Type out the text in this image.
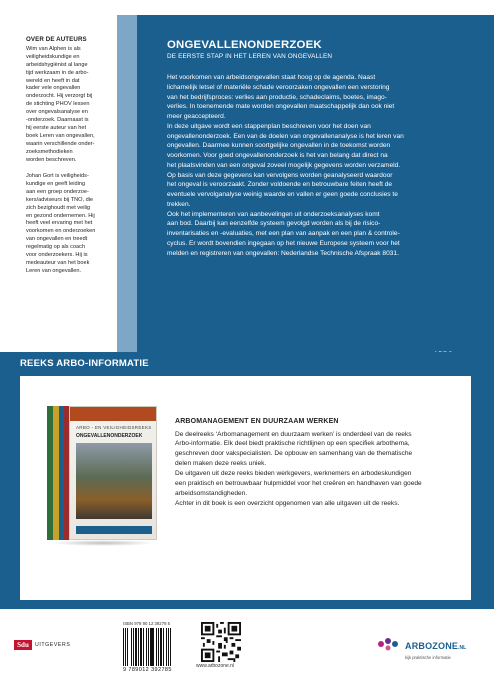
OVER DE AUTEURS

Wim van Alphen is als
veiligheidskundige en
arbeidshygiënist al lange
tijd werkzaam in de arbo-
wereld en heeft in dat
kader vele ongevallen
onderzocht. Hij verzorgt bij
de stichting PHOV lessen
over ongevalsanalyse en
-onderzoek. Daarnaast is
hij eerste auteur van het
boek Leren van ongevallen,
waarin verschillende onder-
zoeksmethodieken
worden beschreven.

Johan Gort is veiligheids-
kundige en geeft leiding
aan een groep onderzoe-
kers/adviseurs bij TNO, die
zich bezighoudt met veilig
en gezond ondernemen. Hij
heeft veel ervaring met het
voorkomen en onderzoeken
van ongevallen en treedt
regelmatig op als coach
voor onderzoekers. Hij is
medeauteur van het boek
Leren van ongevallen.

ONGEVALLENONDERZOEK
DE EERSTE STAP IN HET LEREN VAN ONGEVALLEN

Het voorkomen van arbeidsongevallen staat hoog op de agenda. Naast
lichamelijk letsel of materiële schade veroorzaken ongevallen een verstoring
van het bedrijfsproces: verlies aan productie, schadeclaims, boetes, imago-
verlies. In toenemende mate worden ongevallen maatschappelijk dan ook niet
meer geaccepteerd.

In deze uitgave wordt een stappenplan beschreven voor het doen van
ongevallenonderzoek. Een van de doelen van ongevallenanalyse is het leren van
ongevallen. Daarmee kunnen soortgelijke ongevallen in de toekomst worden
voorkomen. Voor goed ongevallenonderzoek is het van belang dat direct na
het plaatsvinden van een ongeval zoveel mogelijk gegevens worden verzameld.
Op basis van deze gegevens kan vervolgens worden geanalyseerd waardoor
het ongeval is veroorzaakt. Zonder voldoende en betrouwbare feiten heeft de
eventuele vervolganalyse weinig waarde en vallen er geen goede conclusies te
trekken.

Ook het implementeren van aanbevelingen uit onderzoeksanalyses komt
aan bod. Daarbij kan eenzelfde systeem gevolgd worden als bij de risico-
inventarisaties en -evaluaties, met een plan van aanpak en een plan & controle-
cyclus. Er wordt bovendien ingegaan op het nieuwe Europese systeem voor het
melden en registreren van ongevallen: Nederlandse Technische Afspraak 8031.

REEKS ARBO-INFORMATIE
ARBO - EN VEILIGHEIDSREEKS
ONGEVALLENONDERZOEK
ARBOMANAGEMENT EN DUURZAAM WERKEN

De deelreeks ‘Arbomanagement en duurzaam werken’ is onderdeel van de reeks
Arbo-informatie. Elk deel biedt praktische richtlijnen op een specifiek arbothema,
geschreven door vakspecialisten. De opbouw en samenhang van de thematische
delen maken deze reeks uniek.

De uitgaven uit deze reeks bieden werkgevers, werknemers en arbodeskundigen
een praktisch en betrouwbaar hulpmiddel voor het creëren en handhaven van goede
arbeidsomstandigheden.

Achter in dit boek is een overzicht opgenomen van alle uitgaven uit de reeks.

Sdu	UITGEVERS
ISBN 978 90 12 39278 5
9 789012 392785
www.arbozone.nl
ARBOZONE.NL
kijk praktische informatie
